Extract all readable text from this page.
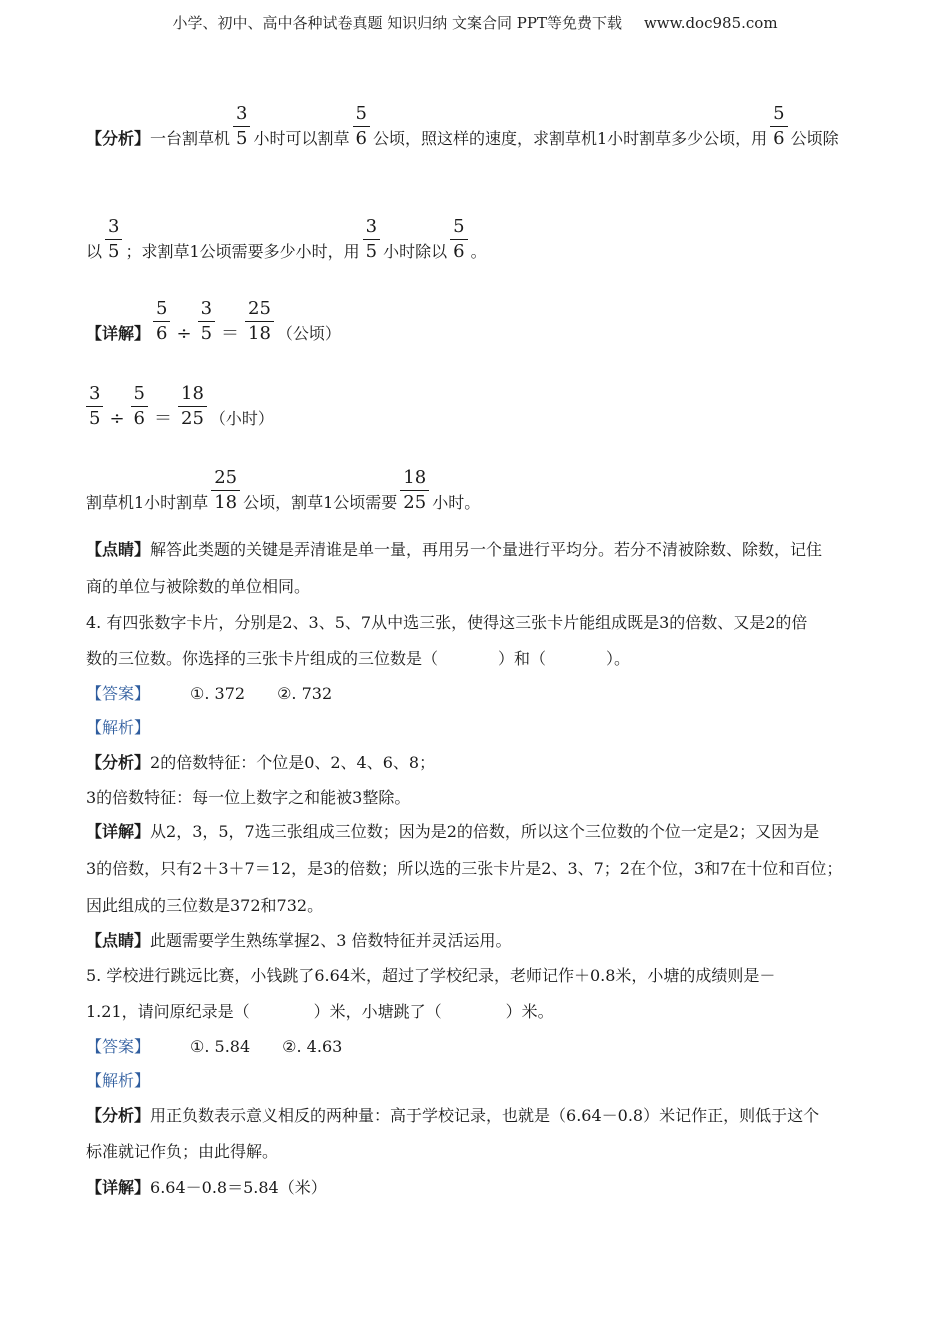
小学、初中、高中各种试卷真题 知识归纳 文案合同 PPT等免费下载 www.doc985.com
【分析】一台割草机 $\frac{3}{5}$ 小时可以割草 $\frac{5}{6}$ 公顷，照这样的速度，求割草机1小时割草多少公顷，用 $\frac{5}{6}$ 公顷除
以 $\frac{3}{5}$ ；求割草1公顷需要多少小时，用 $\frac{3}{5}$ 小时除以 $\frac{5}{6}$ 。
【详解】 $\frac{5}{6} \div \frac{3}{5} = \frac{25}{18}$ （公顷）
$\frac{3}{5} \div \frac{5}{6} = \frac{18}{25}$ （小时）
割草机1小时割草 $\frac{25}{18}$ 公顷，割草1公顷需要 $\frac{18}{25}$ 小时。
【点睛】解答此类题的关键是弄清谁是单一量，再用另一个量进行平均分。若分不清被除数、除数，记住
商的单位与被除数的单位相同。
4. 有四张数字卡片，分别是2、3、5、7从中选三张，使得这三张卡片能组成既是3的倍数、又是2的倍
数的三位数。你选择的三张卡片组成的三位数是（	）和（	）。
【答案】	①. 372 ②. 732
【解析】
【分析】2的倍数特征：个位是0、2、4、6、8；
3的倍数特征：每一位上数字之和能被3整除。
【详解】从2，3，5，7选三张组成三位数；因为是2的倍数，所以这个三位数的个位一定是2；又因为是
3的倍数，只有2＋3＋7＝12，是3的倍数；所以选的三张卡片是2、3、7；2在个位，3和7在十位和百位；
因此组成的三位数是372和732。
【点睛】此题需要学生熟练掌握2、3 倍数特征并灵活运用。
5. 学校进行跳远比赛，小钱跳了6.64米，超过了学校纪录，老师记作＋0.8米，小塘的成绩则是－
1.21，请问原纪录是（	）米，小塘跳了（	）米。
【答案】	①. 5.84 ②. 4.63
【解析】
【分析】用正负数表示意义相反的两种量：高于学校记录，也就是（6.64－0.8）米记作正，则低于这个
标准就记作负；由此得解。
【详解】6.64－0.8＝5.84（米）
